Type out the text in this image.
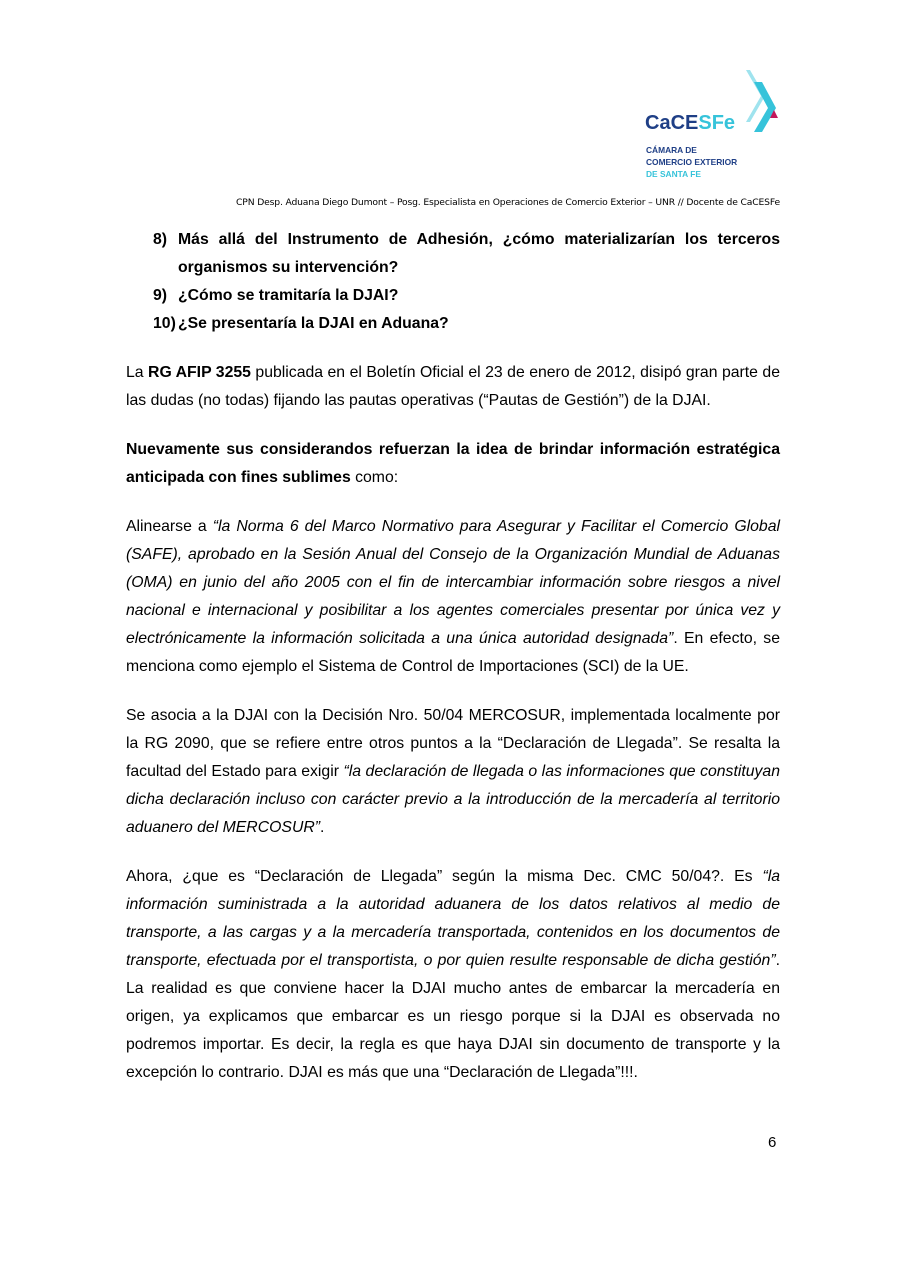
CaCESFe
CÁMARA DE
COMERCIO EXTERIOR
DE SANTA FE
CPN Desp. Aduana Diego Dumont – Posg. Especialista en Operaciones de Comercio Exterior – UNR // Docente de CaCESFe
8) Más allá del Instrumento de Adhesión, ¿cómo materializarían los terceros organismos su intervención?
9) ¿Cómo se tramitaría la DJAI?
10) ¿Se presentaría la DJAI en Aduana?

La RG AFIP 3255 publicada en el Boletín Oficial el 23 de enero de 2012, disipó gran parte de las dudas (no todas) fijando las pautas operativas (“Pautas de Gestión”) de la DJAI.

Nuevamente sus considerandos refuerzan la idea de brindar información estratégica anticipada con fines sublimes como:

Alinearse a “la Norma 6 del Marco Normativo para Asegurar y Facilitar el Comercio Global (SAFE), aprobado en la Sesión Anual del Consejo de la Organización Mundial de Aduanas (OMA) en junio del año 2005 con el fin de intercambiar información sobre riesgos a nivel nacional e internacional y posibilitar a los agentes comerciales presentar por única vez y electrónicamente la información solicitada a una única autoridad designada”. En efecto, se menciona como ejemplo el Sistema de Control de Importaciones (SCI) de la UE.

Se asocia a la DJAI con la Decisión Nro. 50/04 MERCOSUR, implementada localmente por la RG 2090, que se refiere entre otros puntos a la “Declaración de Llegada”. Se resalta la facultad del Estado para exigir “la declaración de llegada o las informaciones que constituyan dicha declaración incluso con carácter previo a la introducción de la mercadería al territorio aduanero del MERCOSUR”.

Ahora, ¿que es “Declaración de Llegada” según la misma Dec. CMC 50/04?. Es “la información suministrada a la autoridad aduanera de los datos relativos al medio de transporte, a las cargas y a la mercadería transportada, contenidos en los documentos de transporte, efectuada por el transportista, o por quien resulte responsable de dicha gestión”. La realidad es que conviene hacer la DJAI mucho antes de embarcar la mercadería en origen, ya explicamos que embarcar es un riesgo porque si la DJAI es observada no podremos importar. Es decir, la regla es que haya DJAI sin documento de transporte y la excepción lo contrario. DJAI es más que una “Declaración de Llegada”!!!.

6
